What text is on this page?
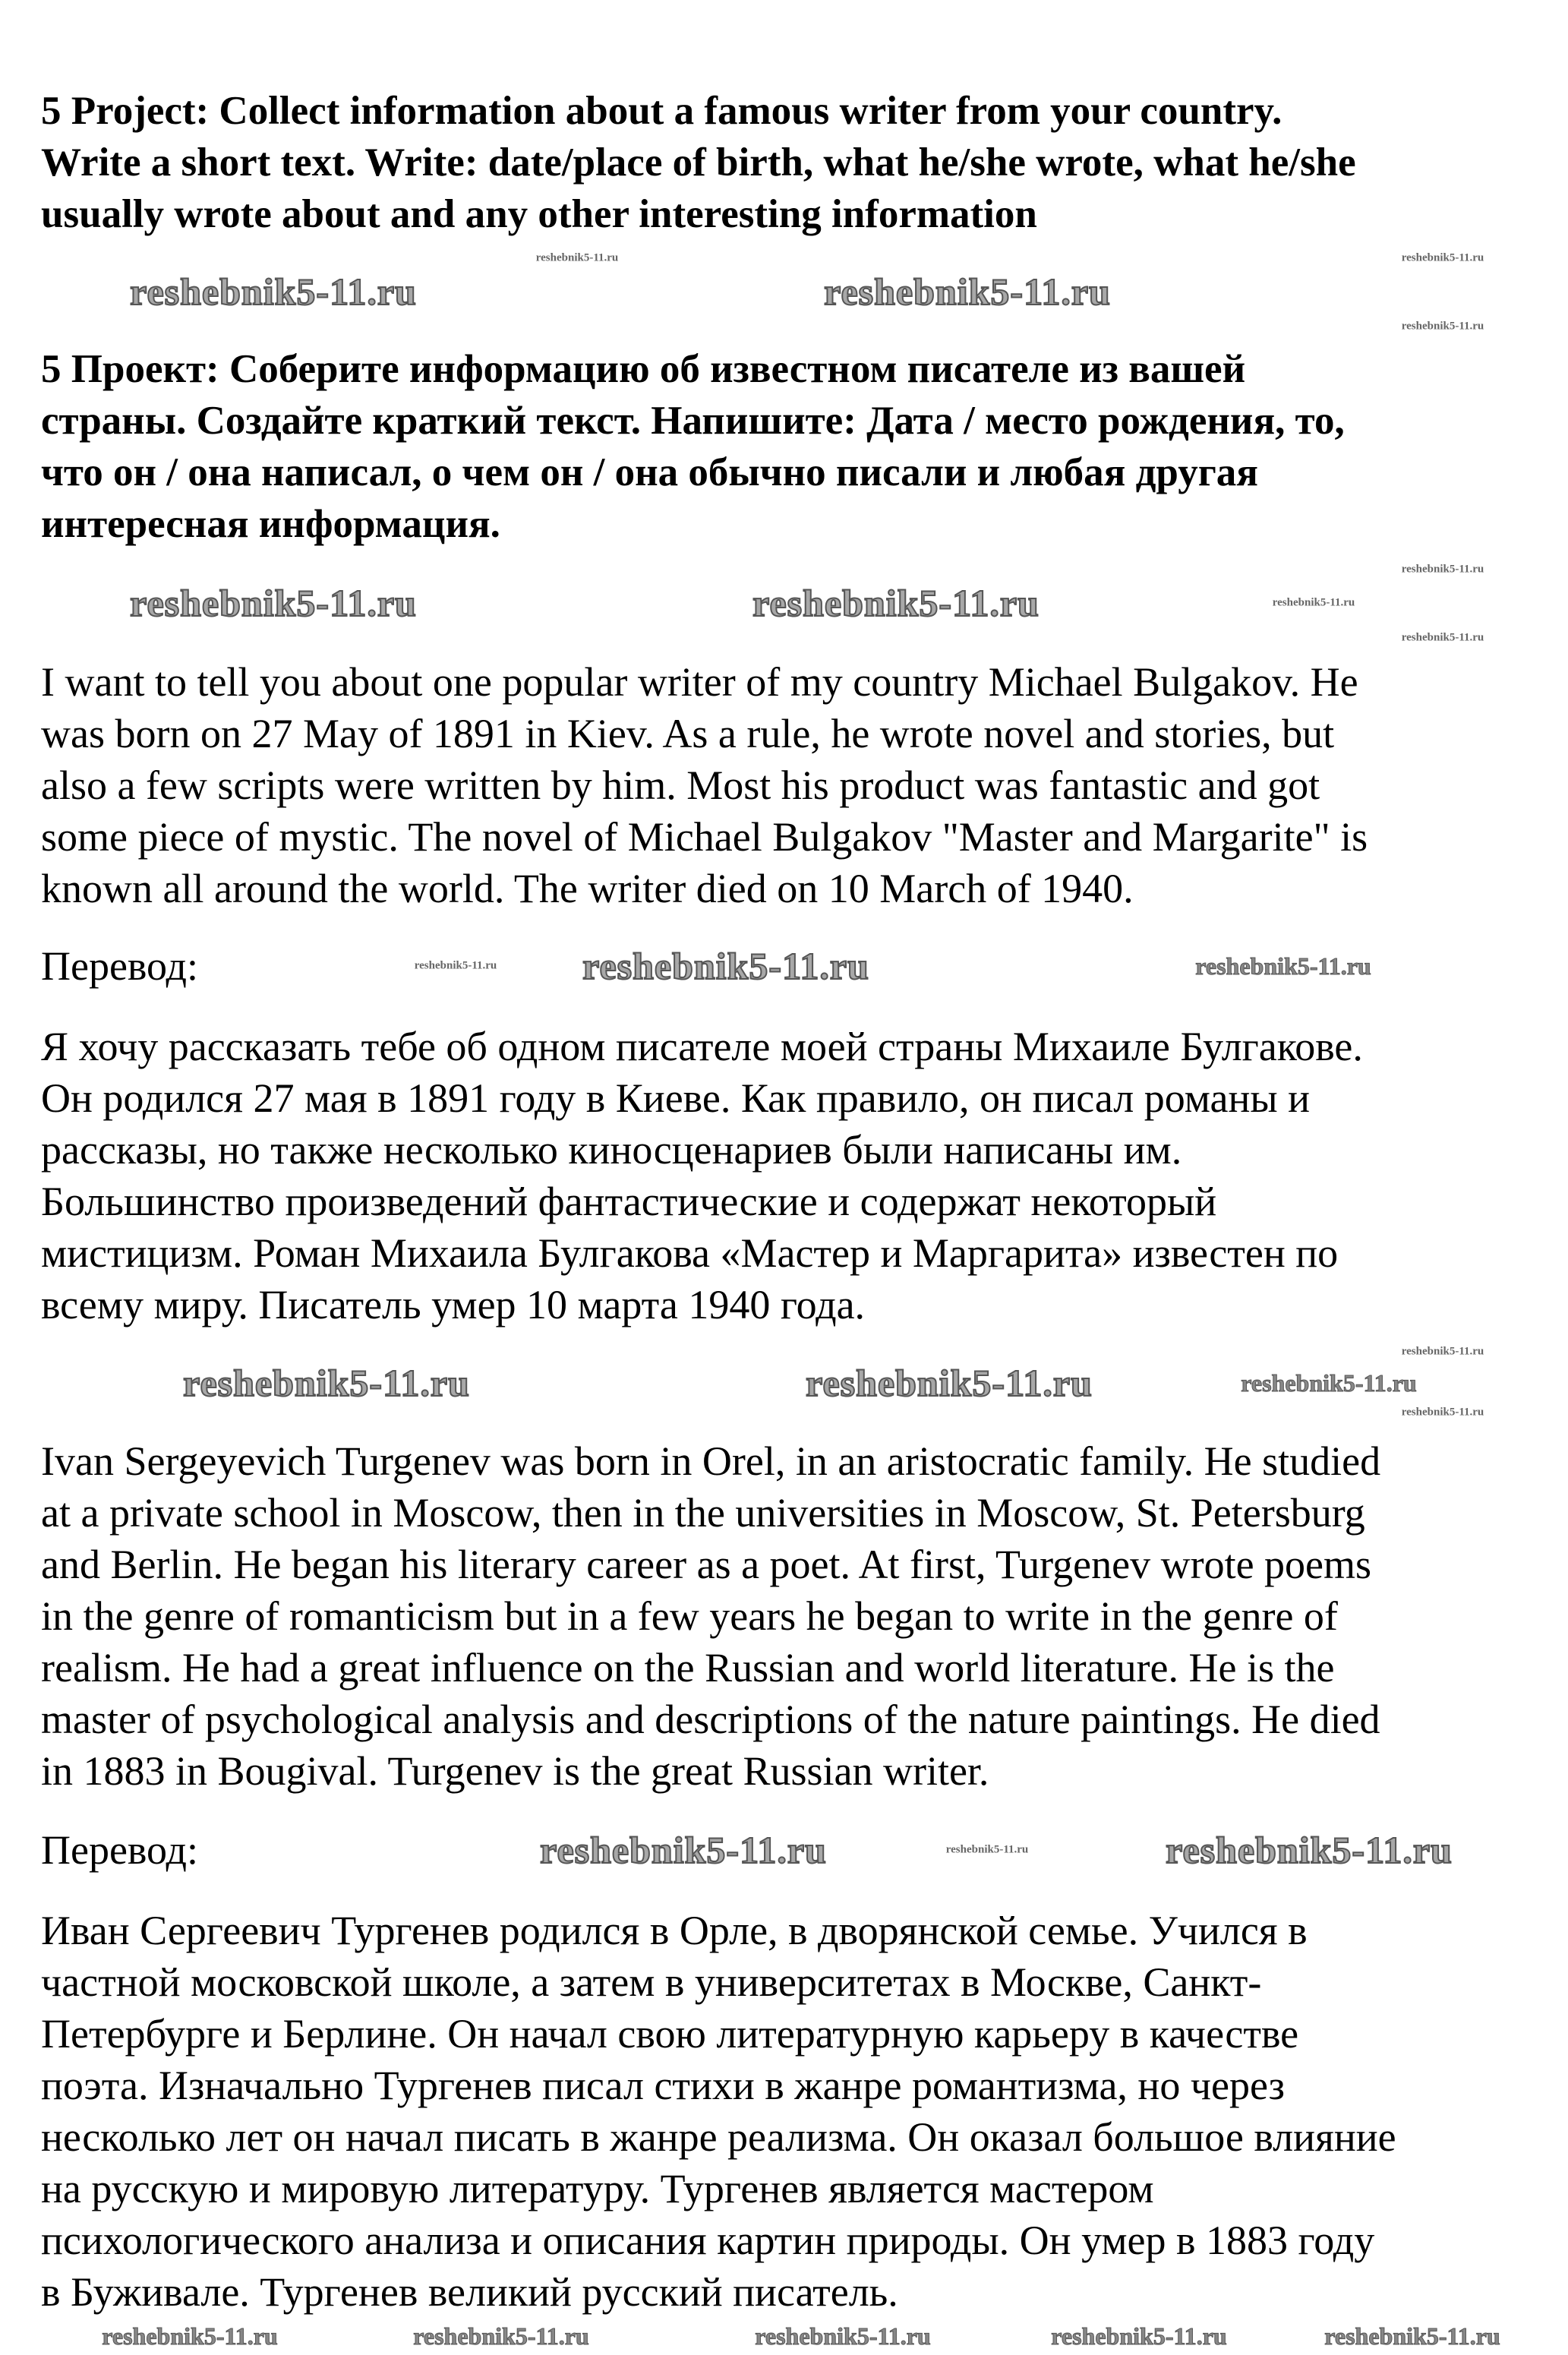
5 Project: Collect information about a famous writer from your country.
Write a short text. Write: date/place of birth, what he/she wrote, what he/she
usually wrote about and any other interesting information
5 Проект: Соберите информацию об известном писателе из вашей
страны. Создайте краткий текст. Напишите: Дата / место рождения, то,
что он / она написал, о чем он / она обычно писали и любая другая
интересная информация.
I want to tell you about one popular writer of my country Michael Bulgakov. He
was born on 27 May of 1891 in Kiev. As a rule, he wrote novel and stories, but
also a few scripts were written by him. Most his product was fantastic and got
some piece of mystic. The novel of Michael Bulgakov "Master and Margarite" is
known all around the world. The writer died on 10 March of 1940.
Перевод:
Я хочу рассказать тебе об одном писателе моей страны Михаиле Булгакове.
Он родился 27 мая в 1891 году в Киеве. Как правило, он писал романы и
рассказы, но также несколько киносценариев были написаны им.
Большинство произведений фантастические и содержат некоторый
мистицизм. Роман Михаила Булгакова «Мастер и Маргарита» известен по
всему миру. Писатель умер 10 марта 1940 года.
Ivan Sergeyevich Turgenev was born in Orel, in an aristocratic family. He studied
at a private school in Moscow, then in the universities in Moscow, St. Petersburg
and Berlin. He began his literary career as a poet. At first, Turgenev wrote poems
in the genre of romanticism but in a few years he began to write in the genre of
realism. He had a great influence on the Russian and world literature. He is the
master of psychological analysis and descriptions of the nature paintings. He died
in 1883 in Bougival. Turgenev is the great Russian writer.
Перевод:
Иван Сергеевич Тургенев родился в Орле, в дворянской семье. Учился в
частной московской школе, а затем в университетах в Москве, Санкт-
Петербурге и Берлине. Он начал свою литературную карьеру в качестве
поэта. Изначально Тургенев писал стихи в жанре романтизма, но через
несколько лет он начал писать в жанре реализма. Он оказал большое влияние
на русскую и мировую литературу. Тургенев является мастером
психологического анализа и описания картин природы. Он умер в 1883 году
в Буживале. Тургенев великий русский писатель.
reshebnik5-11.ru	reshebnik5-11.ru
reshebnik5-11.ru
reshebnik5-11.ru
reshebnik5-11.ru
reshebnik5-11.ru	reshebnik5-11.ru
reshebnik5-11.ru
reshebnik5-11.ru
reshebnik5-11.ru
reshebnik5-11.ru	reshebnik5-11.ru
reshebnik5-11.ru
reshebnik5-11.ru	reshebnik5-11.ru
reshebnik5-11.ru
reshebnik5-11.ru
reshebnik5-11.ru
reshebnik5-11.ru	reshebnik5-11.ru
reshebnik5-11.ru
reshebnik5-11.ru	reshebnik5-11.ru	reshebnik5-11.ru	reshebnik5-11.ru	reshebnik5-11.ru
